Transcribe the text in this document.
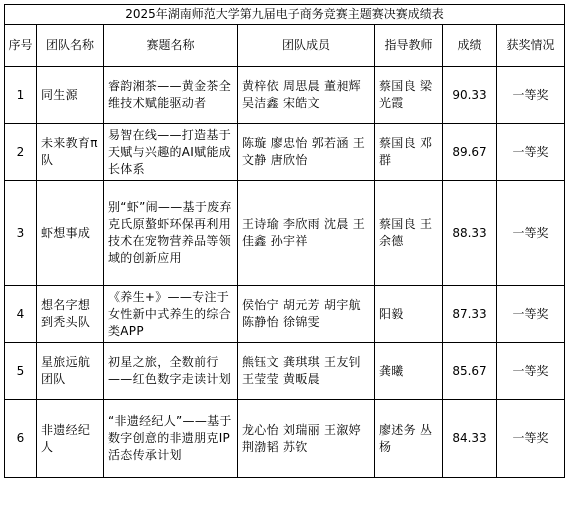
2025年湖南师范大学第九届电子商务竞赛主题赛决赛成绩表						
序号	团队名称	赛题名称	团队成员	指导教师	成绩	获奖情况
1	同生源	睿韵湘茶——黄金茶全维技术赋能驱动者	黄梓依 周思晨 董昶辉 吴洁鑫 宋皓文	蔡国良 梁光霞	90.33	一等奖
2	未来教育π队	易智在线——打造基于天赋与兴趣的AI赋能成长体系	陈璇 廖忠怡 郭若涵 王文静 唐欣怡	蔡国良 邓群	89.67	一等奖
3	虾想事成	别“虾”闹——基于废弃克氏原螯虾环保再利用技术在宠物营养品等领域的创新应用	王诗瑜 李欣雨 沈晨 王佳鑫 孙宇祥	蔡国良 王余德	88.33	一等奖
4	想名字想到秃头队	《养生+》——专注于女性新中式养生的综合类APP	侯怡宁 胡元芳 胡宇航 陈静怡 徐锦雯	阳毅	87.33	一等奖
5	星旅远航团队	初星之旅，全数前行——红色数字走读计划	熊钰文 龚琪琪 王友钊 王莹莹 黄畈晨	龚曦	85.67	一等奖
6	非遗经纪人	“非遗经纪人”——基于数字创意的非遗朋克IP活态传承计划	龙心怡 刘瑞丽 王溆婷 荆渤韬 苏钦	廖述务 丛杨	84.33	一等奖
